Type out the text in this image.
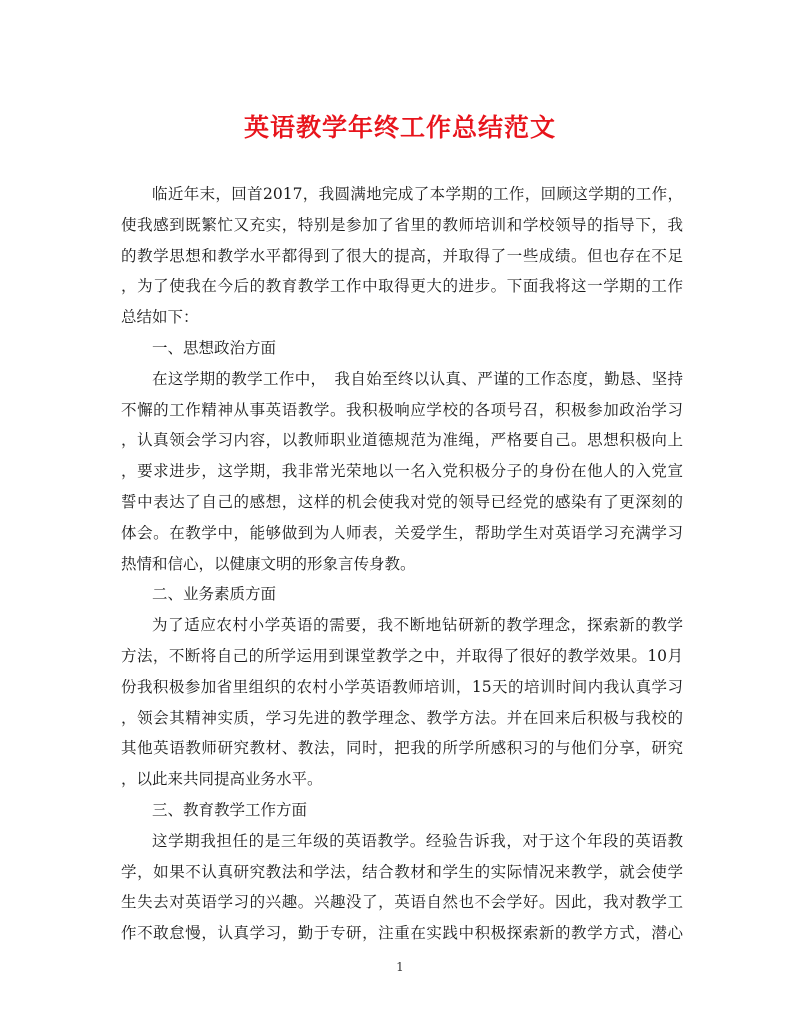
英语教学年终工作总结范文
临近年末，回首2017，我圆满地完成了本学期的工作，回顾这学期的工作，
使我感到既繁忙又充实，特别是参加了省里的教师培训和学校领导的指导下，我
的教学思想和教学水平都得到了很大的提高，并取得了一些成绩。但也存在不足
，为了使我在今后的教育教学工作中取得更大的进步。下面我将这一学期的工作
总结如下：
一、思想政治方面
在这学期的教学工作中，　我自始至终以认真、严谨的工作态度，勤恳、坚持
不懈的工作精神从事英语教学。我积极响应学校的各项号召，积极参加政治学习
，认真领会学习内容，以教师职业道德规范为准绳，严格要自己。思想积极向上
，要求进步，这学期，我非常光荣地以一名入党积极分子的身份在他人的入党宣
誓中表达了自己的感想，这样的机会使我对党的领导已经党的感染有了更深刻的
体会。在教学中，能够做到为人师表，关爱学生，帮助学生对英语学习充满学习
热情和信心，以健康文明的形象言传身教。
二、业务素质方面
为了适应农村小学英语的需要，我不断地钻研新的教学理念，探索新的教学
方法，不断将自己的所学运用到课堂教学之中，并取得了很好的教学效果。10月
份我积极参加省里组织的农村小学英语教师培训，15天的培训时间内我认真学习
，领会其精神实质，学习先进的教学理念、教学方法。并在回来后积极与我校的
其他英语教师研究教材、教法，同时，把我的所学所感积习的与他们分享，研究
，以此来共同提高业务水平。
三、教育教学工作方面
这学期我担任的是三年级的英语教学。经验告诉我，对于这个年段的英语教
学，如果不认真研究教法和学法，结合教材和学生的实际情况来教学，就会使学
生失去对英语学习的兴趣。兴趣没了，英语自然也不会学好。因此，我对教学工
作不敢怠慢，认真学习，勤于专研，注重在实践中积极探索新的教学方式，潜心
1
